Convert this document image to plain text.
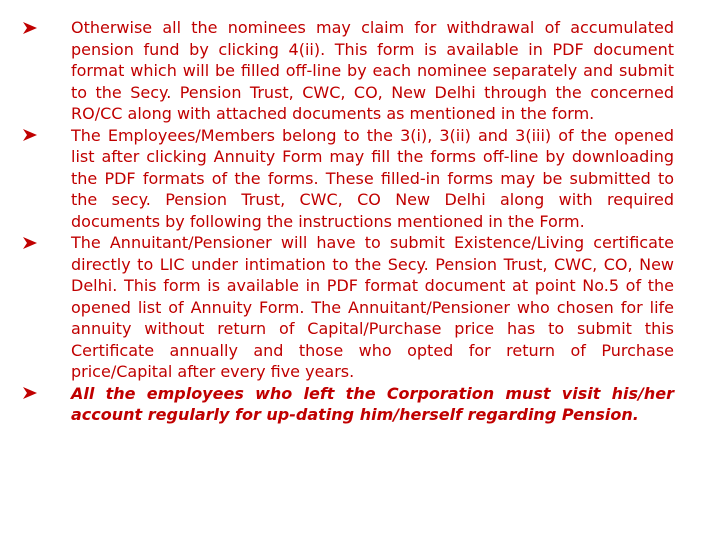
Otherwise all the nominees may claim for withdrawal of accumulated pension fund by clicking 4(ii). This form is available in PDF document format which will be filled off-line by each nominee separately and submit to the Secy. Pension Trust, CWC, CO, New Delhi through the concerned RO/CC along with attached documents as mentioned in the form.
The Employees/Members belong to the 3(i), 3(ii) and 3(iii) of the opened list after clicking Annuity Form may fill the forms off-line by downloading the PDF formats of the forms. These filled-in forms may be submitted to the secy. Pension Trust, CWC, CO New Delhi along with required documents by following the instructions mentioned in the Form.
The Annuitant/Pensioner will have to submit Existence/Living certificate directly to LIC under intimation to the Secy. Pension Trust, CWC, CO, New Delhi. This form is available in PDF format document at point No.5 of the opened list of Annuity Form. The Annuitant/Pensioner who chosen for life annuity without return of Capital/Purchase price has to submit this Certificate annually and those who opted for return of Purchase price/Capital after every five years.
All the employees who left the Corporation must visit his/her account regularly for up-dating him/herself regarding Pension.
